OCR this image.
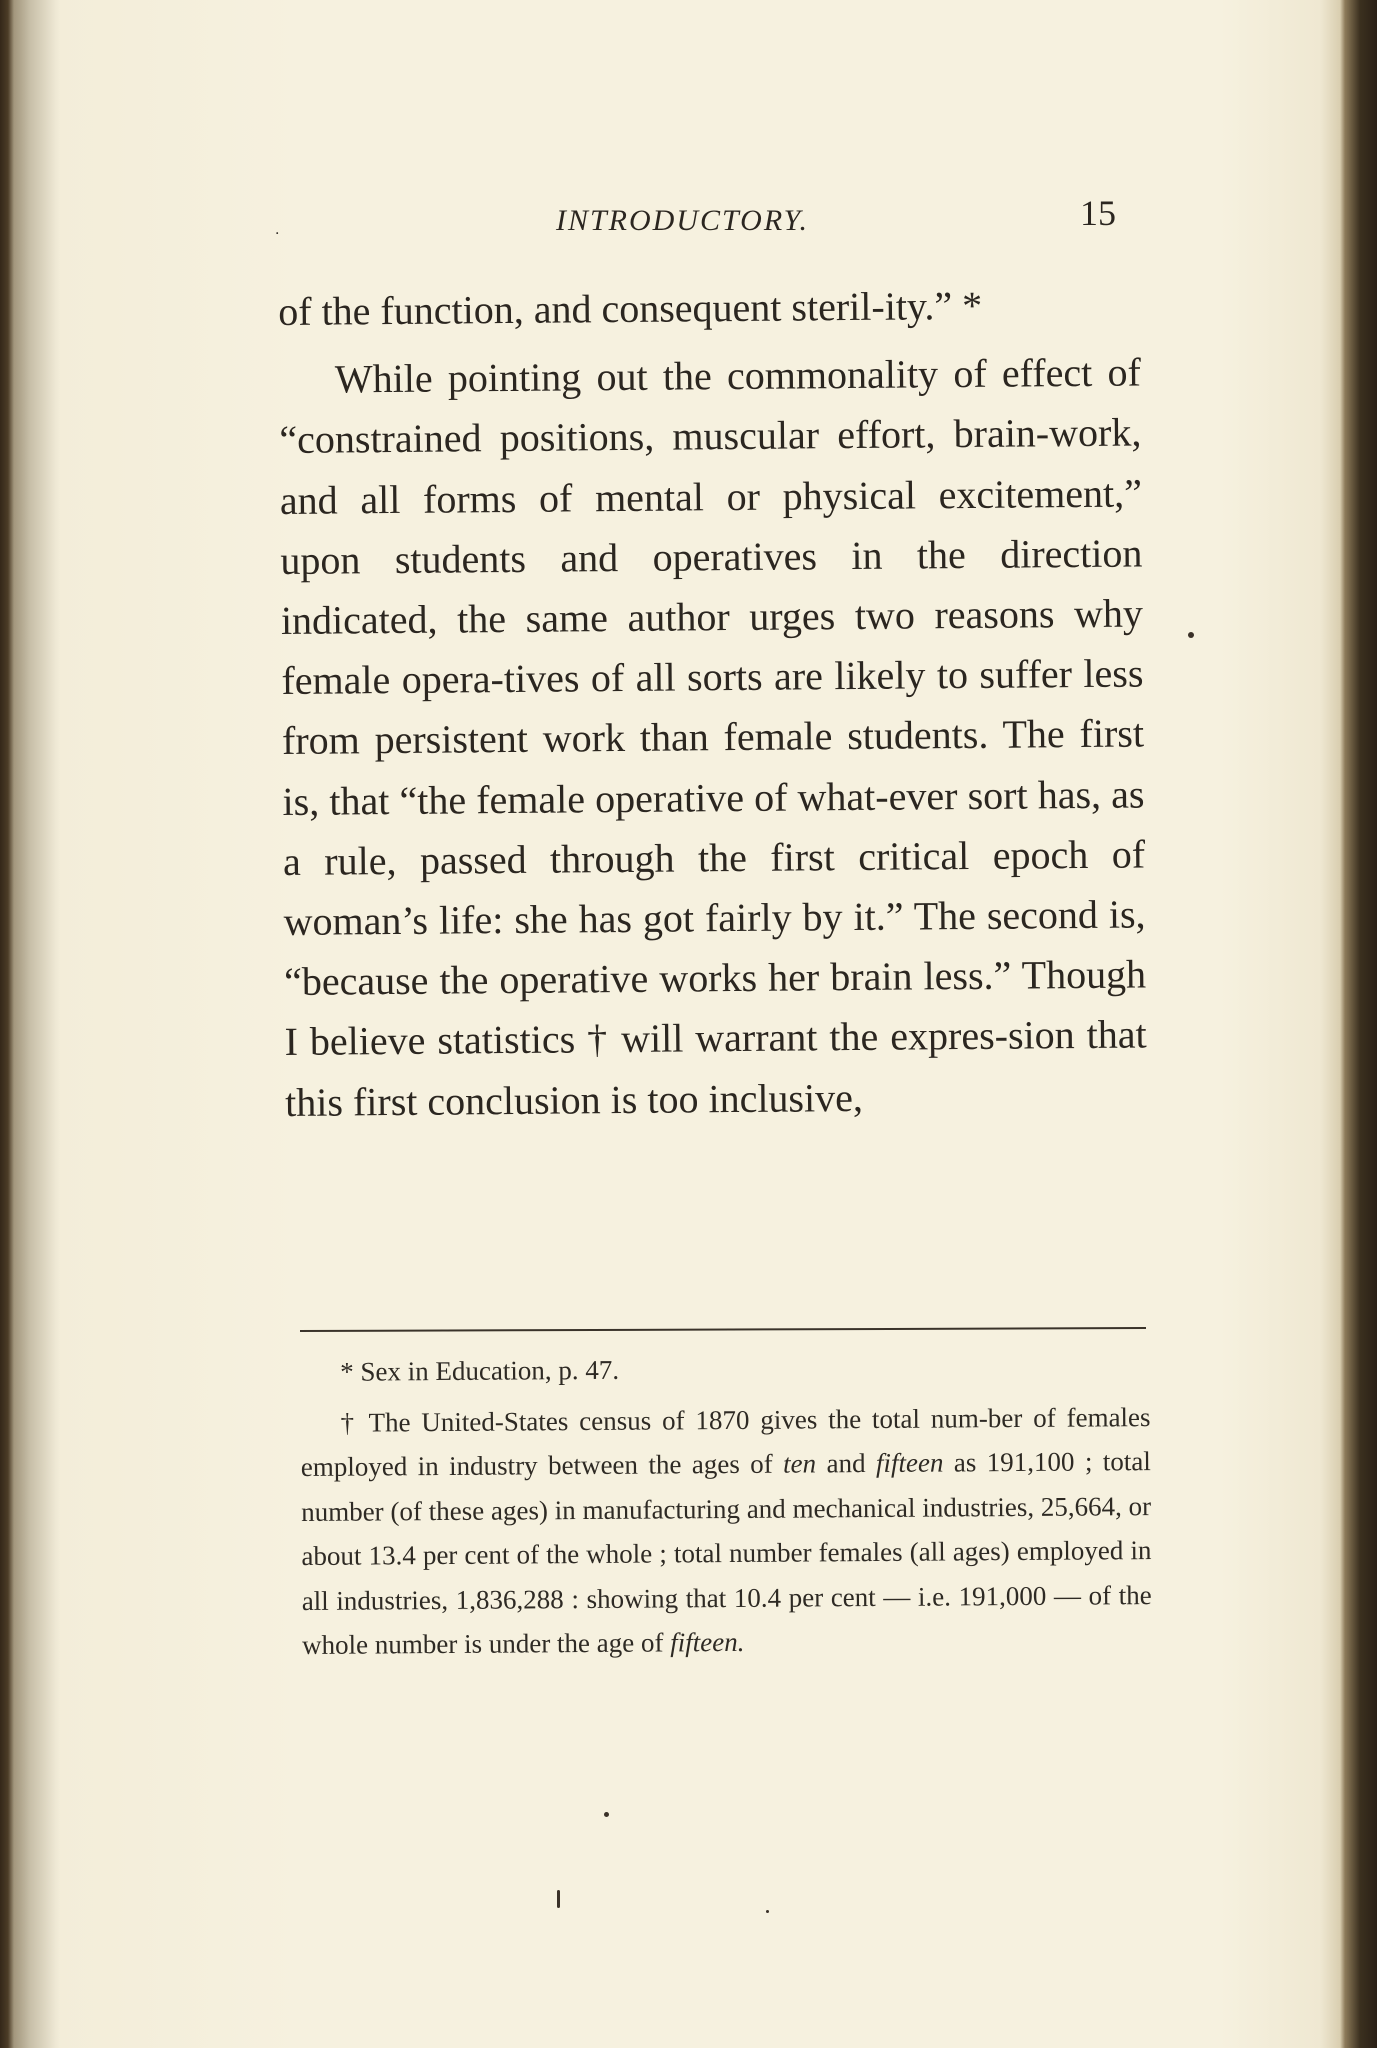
·	INTRODUCTORY.	15

of the function, and consequent steril-ity.” *

While pointing out the commonality of effect of “constrained positions, muscular effort, brain-work, and all forms of mental or physical excitement,” upon students and operatives in the direction indicated, the same author urges two reasons why female opera-tives of all sorts are likely to suffer less from persistent work than female students. The first is, that “the female operative of what-ever sort has, as a rule, passed through the first critical epoch of woman’s life: she has got fairly by it.” The second is, “because the operative works her brain less.” Though I believe statistics † will warrant the expres-sion that this first conclusion is too inclusive,

* Sex in Education, p. 47.

† The United-States census of 1870 gives the total num-ber of females employed in industry between the ages of ten and fifteen as 191,100 ; total number (of these ages) in manufacturing and mechanical industries, 25,664, or about 13.4 per cent of the whole ; total number females (all ages) employed in all industries, 1,836,288 : showing that 10.4 per cent — i.e. 191,000 — of the whole number is under the age of fifteen.
